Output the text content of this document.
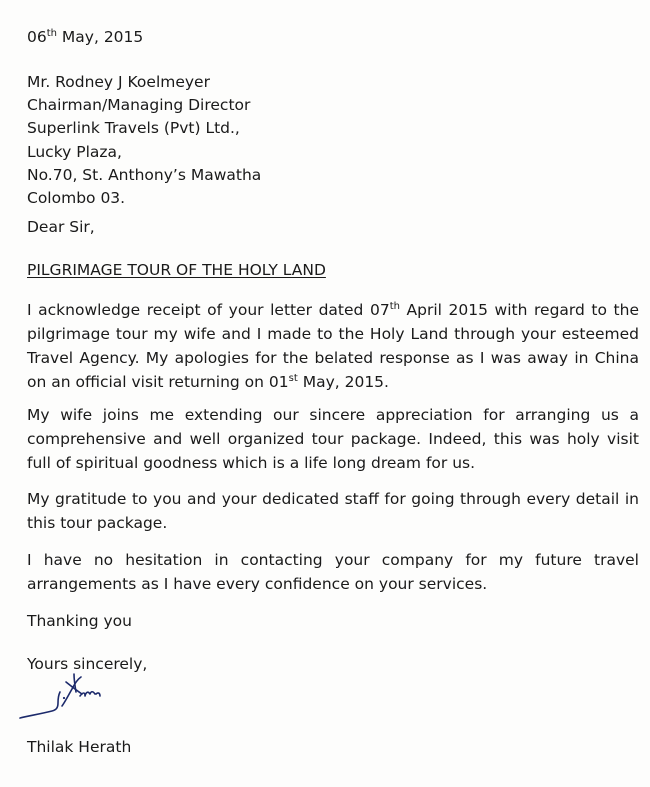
06th May, 2015

Mr. Rodney J Koelmeyer
Chairman/Managing Director
Superlink Travels (Pvt) Ltd.,
Lucky Plaza,
No.70, St. Anthony’s Mawatha
Colombo 03.

Dear Sir,

PILGRIMAGE TOUR OF THE HOLY LAND

I acknowledge receipt of your letter dated 07th April 2015 with regard to the pilgrimage tour my wife and I made to the Holy Land through your esteemed Travel Agency. My apologies for the belated response as I was away in China on an official visit returning on 01st May, 2015.

My wife joins me extending our sincere appreciation for arranging us a comprehensive and well organized tour package. Indeed, this was holy visit full of spiritual goodness which is a life long dream for us.

My gratitude to you and your dedicated staff for going through every detail in this tour package.

I have no hesitation in contacting your company for my future travel arrangements as I have every confidence on your services.

Thanking you

Yours sincerely,

Thilak Herath
